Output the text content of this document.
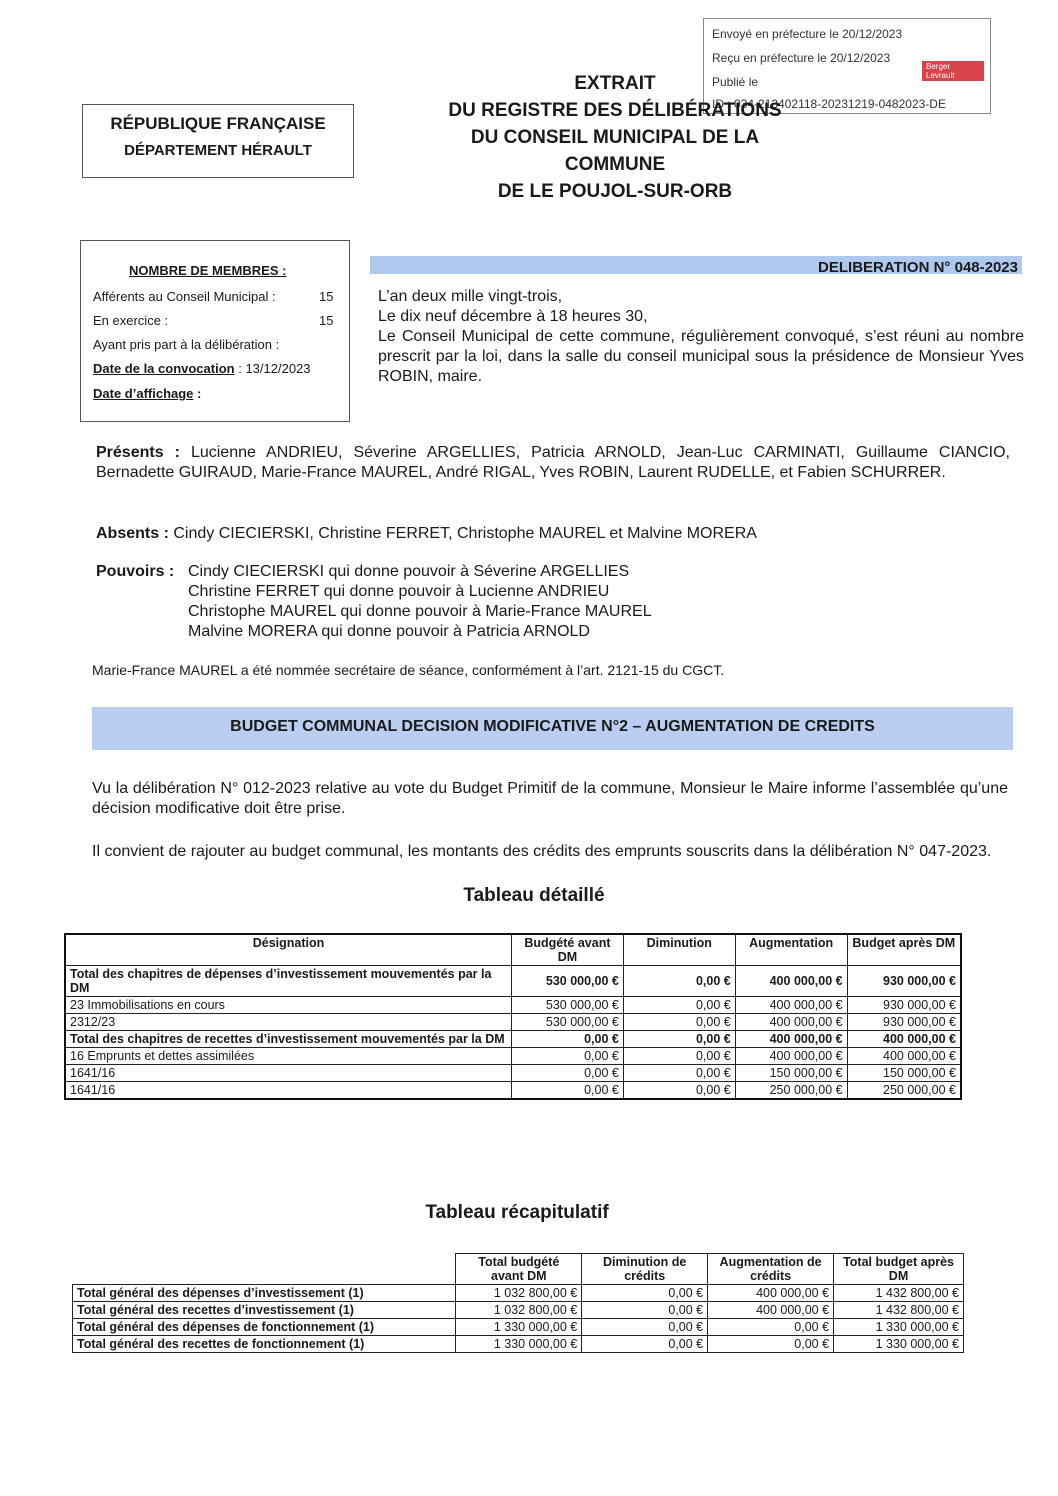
Envoyé en préfecture le 20/12/2023
Reçu en préfecture le 20/12/2023
Publié le
ID : 034-213402118-20231219-0482023-DE
Berger Levrault
RÉPUBLIQUE FRANÇAISE
DÉPARTEMENT HÉRAULT
EXTRAIT
DU REGISTRE DES DÉLIBÉRATIONS
DU CONSEIL MUNICIPAL DE LA
COMMUNE
DE LE POUJOL-SUR-ORB
NOMBRE DE MEMBRES :
Afférents au Conseil Municipal :	15
En exercice :	15
Ayant pris part à la délibération :
Date de la convocation : 13/12/2023
Date d’affichage :
DELIBERATION N° 048-2023
L’an deux mille vingt-trois,
Le dix neuf décembre à 18 heures 30,
Le Conseil Municipal de cette commune, régulièrement convoqué, s’est réuni au nombre prescrit par la loi, dans la salle du conseil municipal sous la présidence de Monsieur Yves ROBIN, maire.
Présents : Lucienne ANDRIEU, Séverine ARGELLIES, Patricia ARNOLD, Jean-Luc CARMINATI, Guillaume CIANCIO, Bernadette GUIRAUD, Marie-France MAUREL, André RIGAL, Yves ROBIN, Laurent RUDELLE, et Fabien SCHURRER.
Absents : Cindy CIECIERSKI, Christine FERRET, Christophe MAUREL et Malvine MORERA
Pouvoirs : Cindy CIECIERSKI qui donne pouvoir à Séverine ARGELLIES
Christine FERRET qui donne pouvoir à Lucienne ANDRIEU
Christophe MAUREL qui donne pouvoir à Marie-France MAUREL
Malvine MORERA qui donne pouvoir à Patricia ARNOLD
Marie-France MAUREL a été nommée secrétaire de séance, conformément à l’art. 2121-15 du CGCT.
BUDGET COMMUNAL DECISION MODIFICATIVE N°2 – AUGMENTATION DE CREDITS
Vu la délibération N° 012-2023 relative au vote du Budget Primitif de la commune, Monsieur le Maire informe l’assemblée qu’une décision modificative doit être prise.
Il convient de rajouter au budget communal, les montants des crédits des emprunts souscrits dans la délibération N° 047-2023.
Tableau détaillé
Désignation	Budgété avant DM	Diminution	Augmentation	Budget après DM
Total des chapitres de dépenses d’investissement mouvementés par la DM	530 000,00 €	0,00 €	400 000,00 €	930 000,00 €
23 Immobilisations en cours	530 000,00 €	0,00 €	400 000,00 €	930 000,00 €
2312/23	530 000,00 €	0,00 €	400 000,00 €	930 000,00 €
Total des chapitres de recettes d’investissement mouvementés par la DM	0,00 €	0,00 €	400 000,00 €	400 000,00 €
16 Emprunts et dettes assimilées	0,00 €	0,00 €	400 000,00 €	400 000,00 €
1641/16	0,00 €	0,00 €	150 000,00 €	150 000,00 €
1641/16	0,00 €	0,00 €	250 000,00 €	250 000,00 €
Tableau récapitulatif
	Total budgété avant DM	Diminution de crédits	Augmentation de crédits	Total budget après DM
Total général des dépenses d’investissement (1)	1 032 800,00 €	0,00 €	400 000,00 €	1 432 800,00 €
Total général des recettes d’investissement (1)	1 032 800,00 €	0,00 €	400 000,00 €	1 432 800,00 €
Total général des dépenses de fonctionnement (1)	1 330 000,00 €	0,00 €	0,00 €	1 330 000,00 €
Total général des recettes de fonctionnement (1)	1 330 000,00 €	0,00 €	0,00 €	1 330 000,00 €
